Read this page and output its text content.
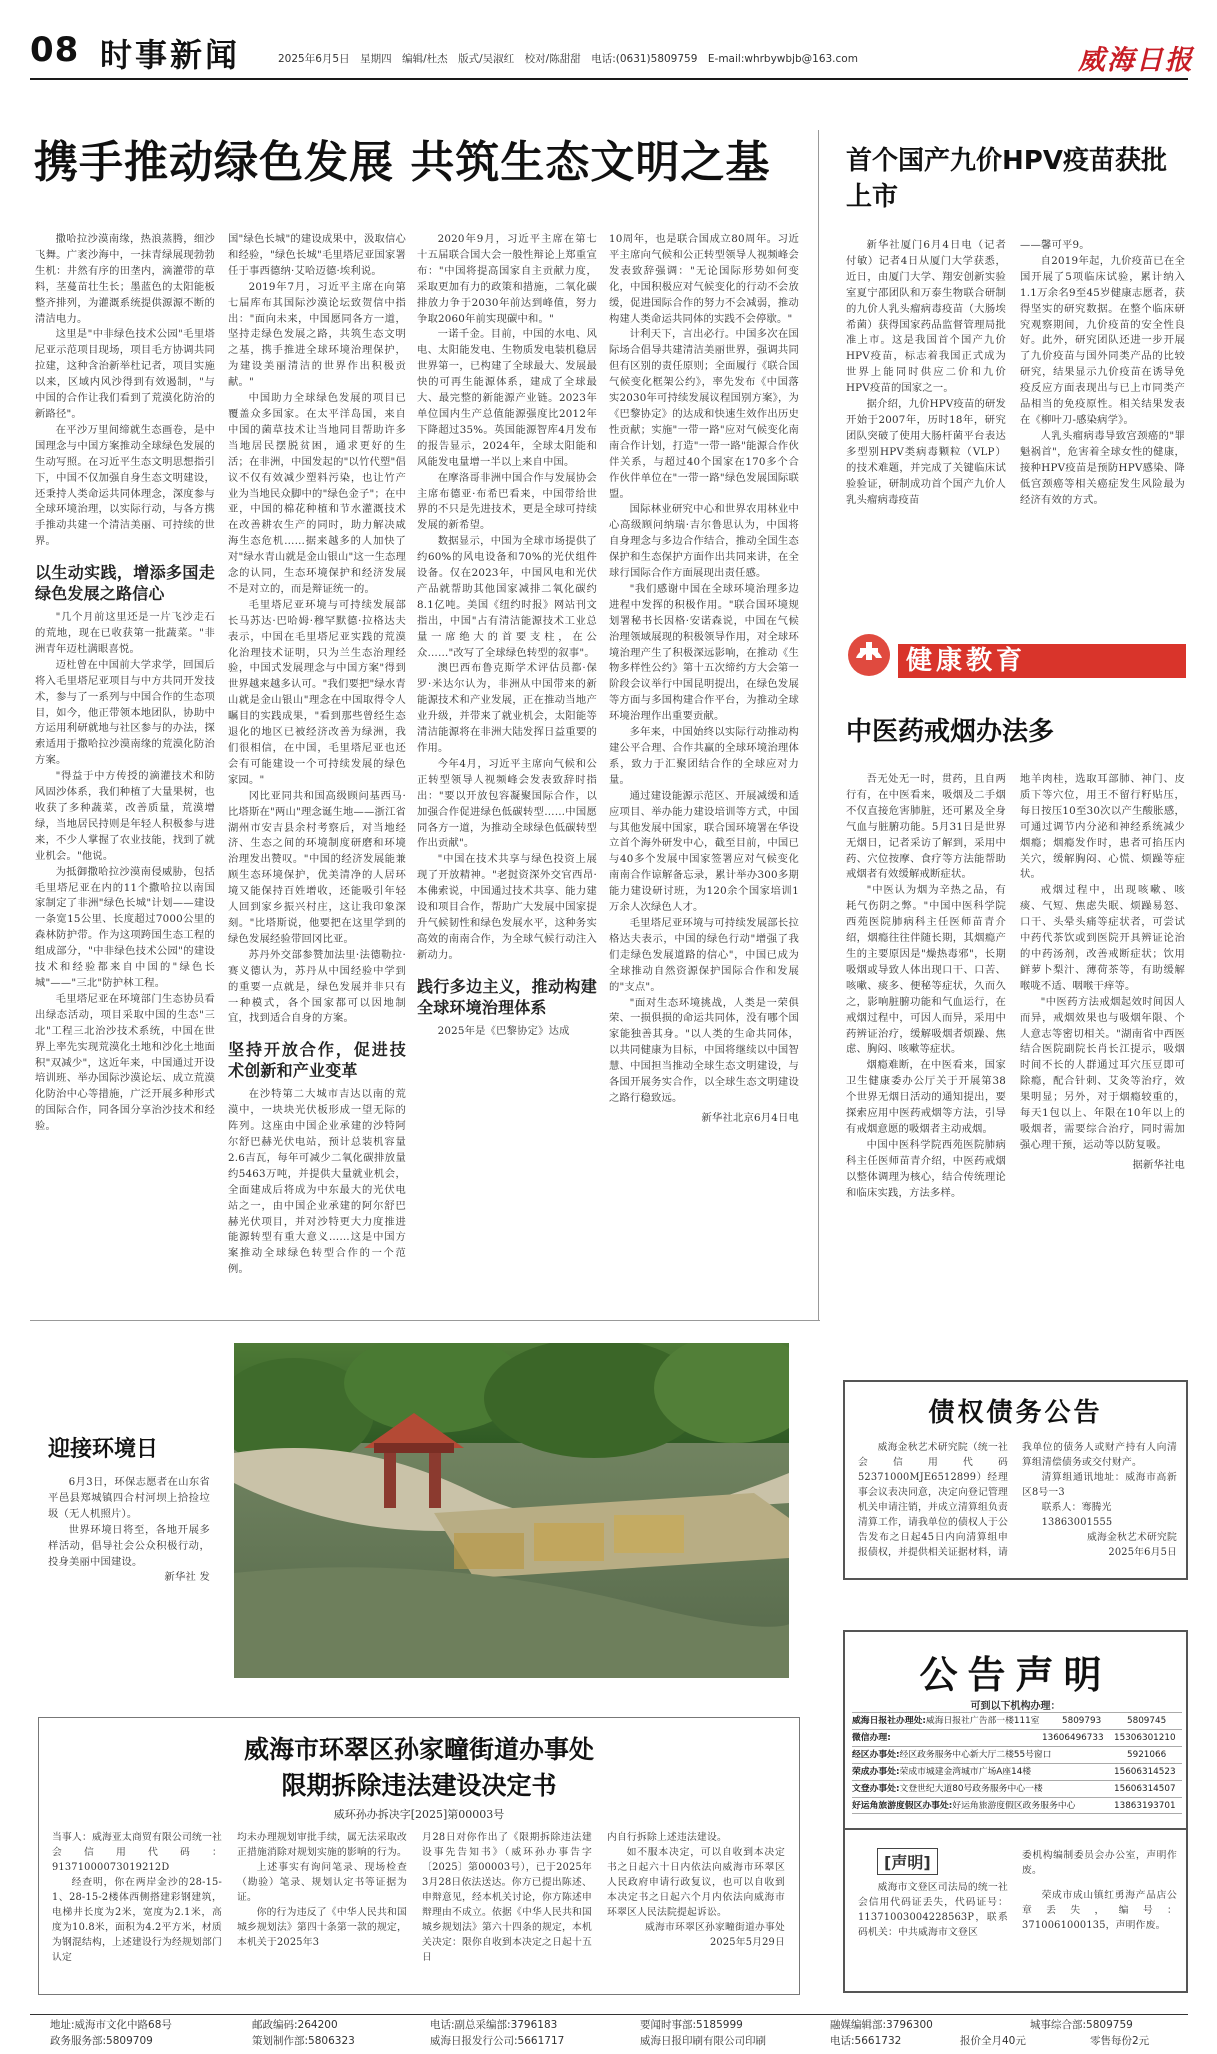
08 时事新闻	2025年6月5日　星期四　编辑/杜杰　版式/吴淑红　校对/陈甜甜　电话:(0631)5809759　E-mail:whrbywbjb@163.com	威海日报
携手推动绿色发展 共筑生态文明之基

撒哈拉沙漠南缘，热浪蒸腾，细沙飞舞。广袤沙海中，一抹青绿展现勃勃生机：井然有序的田垄内，滴灌带的草料，茎蔓苗壮生长；墨蓝色的太阳能板整齐排列，为灌溉系统提供源源不断的清洁电力。

这里是"中非绿色技术公园"毛里塔尼亚示范项目现场，项目毛方协调共同拉建，这种含治新举杜记者，项目实施以来，区域内风沙得到有效遏制，"与中国的合作让我们看到了荒漠化防治的新路径"。

在平沙万里间缔就生态画卷，是中国理念与中国方案推动全球绿色发展的生动写照。在习近平生态文明思想指引下，中国不仅加强自身生态文明建设，还秉持人类命运共同体理念，深度参与全球环境治理，以实际行动，与各方携手推动共建一个清洁美丽、可持续的世界。

以生动实践，增添多国走绿色发展之路信心

"几个月前这里还是一片飞沙走石的荒地，现在已收获第一批蔬菜。"非洲青年迈杜满眼喜悦。

迈杜曾在中国前大学求学，回国后将入毛里塔尼亚项目与中方共同开发技术，参与了一系列与中国合作的生态项目，如今，他正带领本地团队，协助中方运用利研就地与社区参与的办法，探索适用于撒哈拉沙漠南缘的荒漠化防治方案。

"得益于中方传授的滴灌技术和防风固沙体系，我们种植了大量果树，也收获了多种蔬菜，改善质量，荒漠增绿，当地居民持则是年轻人积极参与进来，不少人掌握了农业技能，找到了就业机会。"他说。

为抵御撒哈拉沙漠南侵威胁，包括毛里塔尼亚在内的11个撒哈拉以南国家制定了非洲"绿色长城"计划——建设一条宽15公里、长度超过7000公里的森林防护带。作为这项跨国生态工程的组成部分，"中非绿色技术公园"的建设技术和经验都来自中国的"绿色长城"——"三北"防护林工程。

毛里塔尼亚在环境部门生态协员看出绿态活动，项目采取中国的生态"三北"工程三北治沙技术系统，中国在世界上率先实现荒漠化土地和沙化土地面积"双减少"，这近年来，中国通过开设培训班、举办国际沙漠论坛、成立荒漠化防治中心等措施，广泛开展多种形式的国际合作，同各国分享治沙技术和经验。

国"绿色长城"的建设成果中，汲取信心和经验，"绿色长城"毛里塔尼亚国家署任于事西德纳·艾哈迈德·埃利说。

2019年7月，习近平主席在向第七届库布其国际沙漠论坛致贺信中指出："面向未来，中国愿同各方一道，坚持走绿色发展之路，共筑生态文明之基，携手推进全球环境治理保护，为建设美丽清洁的世界作出积极贡献。"

中国助力全球绿色发展的项目已覆盖众多国家。在太平洋岛国，来自中国的菌草技术让当地同目帮助许多当地居民摆脱贫困，通求更好的生活；在非洲，中国发起的"以竹代塑"倡议不仅有效减少塑料污染，也让竹产业为当地民众脚中的"绿色金子"；在中亚，中国的棉花种植和节水灌溉技术在改善耕农生产的同时，助力解决咸海生态危机……据来越多的人加快了对"绿水青山就是金山银山"这一生态理念的认同，生态环境保护和经济发展不是对立的，而是辩证统一的。

毛里塔尼亚环境与可持续发展部长马苏达·巴哈姆·穆罕默德·拉格达夫表示，中国在毛里塔尼亚实践的荒漠化治理技术证明，只为兰生态治理经验，中国式发展理念与中国方案"得到世界越来越多认可。"我们要把"绿水青山就是金山银山"理念在中国取得令人瞩目的实践成果，"看到那些曾经生态退化的地区已被经济改善为绿洲，我们很相信，在中国，毛里塔尼亚也还会有可能建设一个可持续发展的绿色家园。"

冈比亚同共和国高级顾问基西马·比塔斯在"两山"理念诞生地——浙江省湖州市安吉县余村考察后，对当地经济、生态之间的环境制度研磨和环境治理发出赞叹。"中国的经济发展能兼顾生态环境保护，优美清净的人居环境又能保持百姓增收，还能吸引年轻人回到家乡振兴村庄，这让我印象深刻。"比塔斯说，他要把在这里学到的绿色发展经验带回冈比亚。

苏丹外交部参赞加法里·法德勒拉·赛义德认为，苏丹从中国经验中学到的重要一点就是，绿色发展并非只有一种模式，各个国家都可以因地制宜，找到适合自身的方案。

坚持开放合作，促进技术创新和产业变革

在沙特第二大城市吉达以南的荒漠中，一块块光伏板形成一望无际的阵列。这座由中国企业承建的沙特阿尔舒巴赫光伏电站，预计总装机容量2.6吉瓦，每年可减少二氧化碳排放量约5463万吨，并提供大量就业机会，全面建成后将成为中东最大的光伏电站之一，由中国企业承建的阿尔舒巴赫光伏项目，并对沙特更大力度推进能源转型有重大意义……这是中国方案推动全球绿色转型合作的一个范例。

2020年9月，习近平主席在第七十五届联合国大会一般性辩论上郑重宣布："中国将提高国家自主贡献力度，采取更加有力的政策和措施，二氧化碳排放力争于2030年前达到峰值，努力争取2060年前实现碳中和。"

一诺千金。目前，中国的水电、风电、太阳能发电、生物质发电装机稳居世界第一，已构建了全球最大、发展最快的可再生能源体系，建成了全球最大、最完整的新能源产业链。2023年单位国内生产总值能源强度比2012年下降超过35%。英国能源智库4月发布的报告显示，2024年，全球太阳能和风能发电量增一半以上来自中国。

在摩洛哥非洲中国合作与发展协会主席布德亚·布希巴看来，中国带给世界的不只是先进技术，更是全球可持续发展的新希望。

数据显示，中国为全球市场提供了约60%的风电设备和70%的光伏组件设备。仅在2023年，中国风电和光伏产品就帮助其他国家减排二氧化碳约8.1亿吨。美国《纽约时报》网站刊文指出，中国"占有清洁能源技术工业总量一席绝大的首要支柱，在公众……"改写了全球绿色转型的叙事"。

澳巴西布鲁克斯学术评估员都·保罗·米达尔认为，非洲从中国带来的新能源技术和产业发展，正在推动当地产业升级，并带来了就业机会，太阳能等清洁能源将在非洲大陆发挥日益重要的作用。

今年4月，习近平主席向气候和公正转型领导人视频峰会发表致辞时指出："要以开放包容凝聚国际合作，以加强合作促进绿色低碳转型……中国愿同各方一道，为推动全球绿色低碳转型作出贡献"。

"中国在技术共享与绿色投资上展现了开放精神。"老挝资深外交官西昂·本佛索说，中国通过技术共享、能力建设和项目合作，帮助广大发展中国家提升气候韧性和绿色发展水平，这种务实高效的南南合作，为全球气候行动注入新动力。

践行多边主义，推动构建全球环境治理体系

2025年是《巴黎协定》达成

10周年，也是联合国成立80周年。习近平主席向气候和公正转型领导人视频峰会发表致辞强调："无论国际形势如何变化，中国积极应对气候变化的行动不会放缓，促进国际合作的努力不会减弱，推动构建人类命运共同体的实践不会停歇。"

计利天下，言出必行。中国多次在国际场合倡导共建清洁美丽世界，强调共同但有区别的责任原则；全面履行《联合国气候变化框架公约》，率先发布《中国落实2030年可持续发展议程国别方案》，为《巴黎协定》的达成和快速生效作出历史性贡献；实施"一带一路"应对气候变化南南合作计划，打造"一带一路"能源合作伙伴关系，与超过40个国家在170多个合作伙伴单位在"一带一路"绿色发展国际联盟。

国际林业研究中心和世界农用林业中心高级顾问纳瑞·吉尔鲁思认为，中国将自身理念与多边合作结合，推动全国生态保护和生态保护方面作出共同来讲，在全球行国际合作方面展现出责任感。

"我们感谢中国在全球环境治理多边进程中发挥的积极作用。"联合国环境规划署秘书长因格·安诺森说，中国在气候治理领域展现的积极领导作用，对全球环境治理产生了积极深远影响，在推动《生物多样性公约》第十五次缔约方大会第一阶段会议举行中国昆明提出，在绿色发展等方面与多国构建合作平台，为推动全球环境治理作出重要贡献。

多年来，中国始终以实际行动推动构建公平合理、合作共赢的全球环境治理体系，致力于汇聚团结合作的全球应对力量。

通过建设能源示范区、开展减缓和适应项目、举办能力建设培训等方式，中国与其他发展中国家，联合国环境署在华设立首个海外研发中心，截至目前，中国已与40多个发展中国家签署应对气候变化南南合作谅解备忘录，累计举办300多期能力建设研讨班，为120余个国家培训1万余人次绿色人才。

毛里塔尼亚环境与可持续发展部长拉格达夫表示，中国的绿色行动"增强了我们走绿色发展道路的信心"，中国已成为全球推动自然资源保护国际合作和发展的"支点"。

"面对生态环境挑战，人类是一荣俱荣、一损俱损的命运共同体，没有哪个国家能独善其身。"以人类的生命共同体，以共同健康为目标，中国将继续以中国智慧、中国担当推动全球生态文明建设，与各国开展务实合作，以全球生态文明建设之路行稳致远。

新华社北京6月4日电
首个国产九价HPV疫苗获批上市

新华社厦门6月4日电（记者 付敏）记者4日从厦门大学获悉，近日，由厦门大学、翔安创新实验室夏宁邵团队和万泰生物联合研制的九价人乳头瘤病毒疫苗（大肠埃希菌）获得国家药品监督管理局批准上市。这是我国首个国产九价HPV疫苗，标志着我国正式成为世界上能同时供应二价和九价HPV疫苗的国家之一。

据介绍，九价HPV疫苗的研发开始于2007年，历时18年，研究团队突破了使用大肠杆菌平台表达多型别HPV类病毒颗粒（VLP）的技术难题，并完成了关键临床试验验证，研制成功首个国产九价人乳头瘤病毒疫苗

——馨可平9。

自2019年起，九价疫苗已在全国开展了5项临床试验，累计纳入1.1万余名9至45岁健康志愿者，获得坚实的研究数据。在整个临床研究观察期间，九价疫苗的安全性良好。此外，研究团队还进一步开展了九价疫苗与国外同类产品的比较研究，结果显示九价疫苗在诱导免疫反应方面表现出与已上市同类产品相当的免疫原性。相关结果发表在《柳叶刀-感染病学》。

人乳头瘤病毒导致宫颈癌的"罪魁祸首"，危害着全球女性的健康，接种HPV疫苗是预防HPV感染、降低宫颈癌等相关癌症发生风险最为经济有效的方式。

健康教育
中医药戒烟办法多

吾无处无一时，贯药，且自两行有，在中医看来，吸烟及二手烟不仅直接危害肺脏，还可累及全身气血与脏腑功能。5月31日是世界无烟日，记者采访了解到，采用中药、穴位按摩、食疗等方法能帮助戒烟者有效缓解戒断症状。

"中医认为烟为辛热之品，有耗气伤阴之弊。"中国中医科学院西苑医院肺病科主任医师苗青介绍，烟瘾往往伴随长期，其烟瘾产生的主要原因是"燥热毒邪"，长期吸烟或导致人体出现口干、口苦、咳嗽、痰多、便秘等症状，久而久之，影响脏腑功能和气血运行，在戒烟过程中，可因人而异，采用中药辨证治疗，缓解吸烟者烦躁、焦虑、胸闷、咳嗽等症状。

烟瘾难断，在中医看来，国家卫生健康委办公厅关于开展第38个世界无烟日活动的通知提出，要探索应用中医药戒烟等方法，引导有戒烟意愿的吸烟者主动戒烟。

中国中医科学院西苑医院肺病科主任医师苗青介绍，中医药戒烟以整体调理为核心，结合传统理论和临床实践，方法多样。

地羊肉桂，选取耳部肺、神门、皮质下等穴位，用王不留行籽贴压，每日按压10至30次以产生酸胀感，可通过调节内分泌和神经系统减少烟瘾；烟瘾发作时，患者可掐压内关穴，缓解胸闷、心慌、烦躁等症状。

戒烟过程中，出现咳嗽、咳痰、气短、焦虑失眠、烦躁易怒、口干、头晕头痛等症状者，可尝试中药代茶饮或到医院开具辨证论治的中药汤剂，改善戒断症状；饮用鲜萝卜梨汁、薄荷茶等，有助缓解喉咙不适、咽喉干痒等。

"中医药方法戒烟起效时间因人而异，戒烟效果也与吸烟年限、个人意志等密切相关。"湖南省中西医结合医院副院长肖长江提示，吸烟时间不长的人群通过耳穴压豆即可除瘾，配合针刺、艾灸等治疗，效果明显；另外，对于烟瘾较重的，每天1包以上、年限在10年以上的吸烟者，需要综合治疗，同时需加强心理干预，运动等以防复吸。

据新华社电
迎接环境日

6月3日，环保志愿者在山东省平邑县郑城镇四合村河坝上拾捡垃圾（无人机照片）。

世界环境日将至，各地开展多样活动，倡导社会公众积极行动，投身美丽中国建设。

新华社 发
债权债务公告

威海金秋艺术研究院（统一社会信用代码52371000MJE6512899）经理事会议表决同意，决定向登记管理机关申请注销，并成立清算组负责清算工作，请我单位的债权人于公告发布之日起45日内向清算组申报债权，并提供相关证据材料，请

我单位的债务人或财产持有人向清算组清偿债务或交付财产。

清算组通讯地址：威海市高新区8号一3

联系人：骞腾光

13863001555

威海金秋艺术研究院
2025年6月5日
公告声明
可到以下机构办理：
威海日报社办理处:威海日报社广告部一楼111室	5809793	5809745
微信办理:	13606496733 15306301210
经区办事处:经区政务服务中心新大厅二楼55号窗口	5921066
荣成办事处:荣成市城建金湾城市广场A座14楼	15606314523
文登办事处:文登世纪大道80号政务服务中心一楼	15606314507
好运角旅游度假区办事处:好运角旅游度假区政务服务中心	13863193701
[声明]

威海市文登区司法局的统一社会信用代码证丢失，代码证号：11371003004228563P，联系码机关：中共威海市文登区

委机构编制委员会办公室，声明作废。

荣成市成山镇红勇海产品店公章丢失，编号：3710061000135，声明作废。

威海市环翠区孙家疃街道办事处
限期拆除违法建设决定书
威环孙办拆决字[2025]第00003号

当事人：威海亚太商贸有限公司统一社会信用代码：91371000073019212D

经查明，你在两岸金沙的28-15-1、28-15-2楼体西侧搭建彩钢建筑，电梯井长度为2米，宽度为2.1米，高度为10.8米，面积为4.2平方米，材质为钢混结构，上述建设行为经规划部门认定

均未办理规划审批手续，属无法采取改正措施消除对规划实施的影响的行为。

上述事实有询问笔录、现场检查（勘验）笔录、规划认定书等证据为证。

你的行为违反了《中华人民共和国城乡规划法》第四十条第一款的规定，本机关于2025年3

月28日对你作出了《限期拆除违法建设事先告知书》（威环孙办事告字〔2025〕第00003号），已于2025年3月28日依法送达。你方已提出陈述、申辩意见，经本机关讨论，你方陈述申辩理由不成立。依据《中华人民共和国城乡规划法》第六十四条的规定，本机关决定：限你自收到本决定之日起十五日

内自行拆除上述违法建设。

如不服本决定，可以自收到本决定书之日起六十日内依法向威海市环翠区人民政府申请行政复议，也可以自收到本决定书之日起六个月内依法向威海市环翠区人民法院提起诉讼。

威海市环翠区孙家疃街道办事处
2025年5月29日
地址:威海市文化中路68号	邮政编码:264200	电话:副总采编部:3796183	要闻时事部:5185999	融媒编辑部:3796300	城事综合部:5809759
政务服务部:5809709	策划制作部:5806323	威海日报发行公司:5661717	威海日报印刷有限公司印刷	电话:5661732	报价全月40元	零售每份2元
